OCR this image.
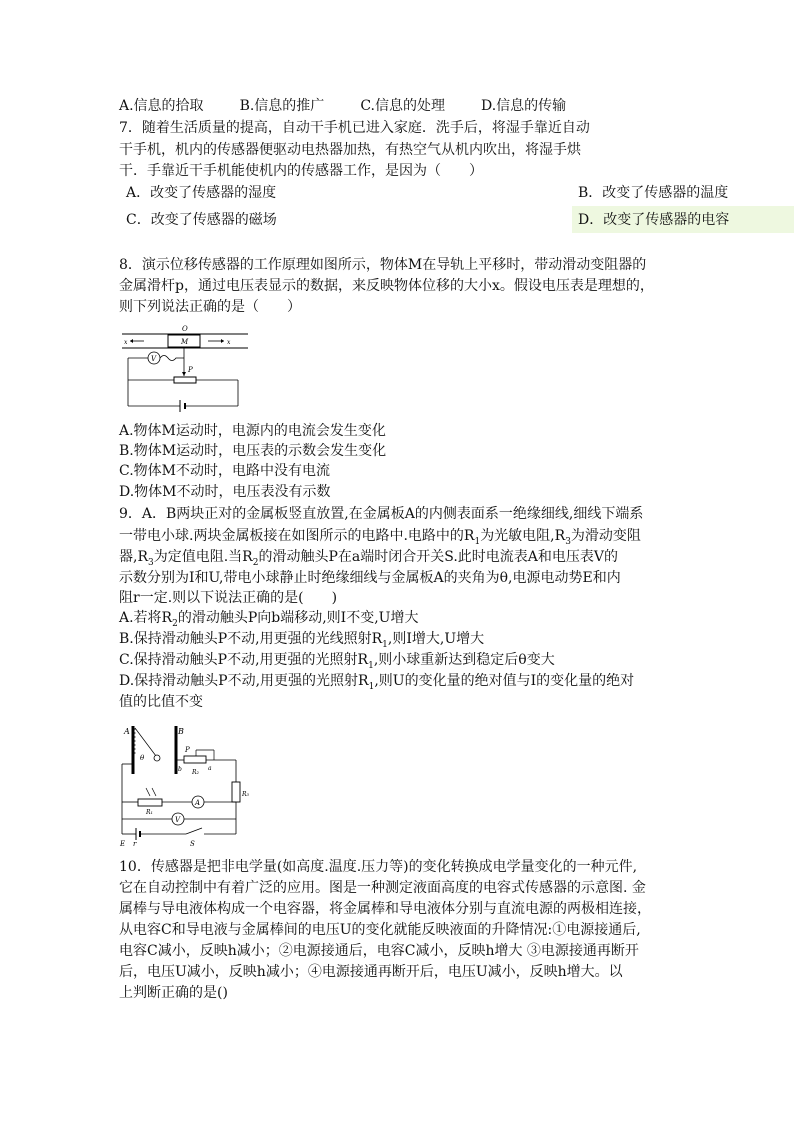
A.信息的拾取	B.信息的推广	C.信息的处理	D.信息的传输
7．随着生活质量的提高，自动干手机已进入家庭．洗手后，将湿手靠近自动
干手机，机内的传感器便驱动电热器加热，有热空气从机内吹出，将湿手烘
干．手靠近干手机能使机内的传感器工作，是因为（　　）
A．改变了传感器的湿度	B．改变了传感器的温度
C．改变了传感器的磁场	D．改变了传感器的电容
8．演示位移传感器的工作原理如图所示，物体M在导轨上平移时，带动滑动变阻器的
金属滑杆p，通过电压表显示的数据，来反映物体位移的大小x。假设电压表是理想的，
则下列说法正确的是（　　）
O
M
x	x
P
V
A.物体M运动时，电源内的电流会发生变化
B.物体M运动时，电压表的示数会发生变化
C.物体M不动时，电路中没有电流
D.物体M不动时，电压表没有示数
9．A．B两块正对的金属板竖直放置,在金属板A的内侧表面系一绝缘细线,细线下端系
一带电小球.两块金属板接在如图所示的电路中.电路中的$R_1$为光敏电阻$,R_3$为滑动变阻
器$,R_3$为定值电阻.当$R_2$的滑动触头P在a端时闭合开关S.此时电流表A和电压表V的
示数分别为I和U,带电小球静止时绝缘细线与金属板A的夹角为θ,电源电动势E和内
阻r一定.则以下说法正确的是(　　)
A.若将$R_2$的滑动触头P向b端移动,则I不变,U增大
B.保持滑动触头P不动,用更强的光线照射$R_1$,则I增大,U增大
C.保持滑动触头P不动,用更强的光照射$R_1$,则小球重新达到稳定后θ变大
D.保持滑动触头P不动,用更强的光照射$R_1$,则U的变化量的绝对值与I的变化量的绝对
值的比值不变
A	B
θ
P
b	a
R₂
R₃
R₁
A
V
E r	S
10．传感器是把非电学量(如高度.温度.压力等)的变化转换成电学量变化的一种元件,
它在自动控制中有着广泛的应用。图是一种测定液面高度的电容式传感器的示意图. 金
属棒与导电液体构成一个电容器，将金属棒和导电液体分别与直流电源的两极相连接，
从电容C和导电液与金属棒间的电压U的变化就能反映液面的升降情况:①电源接通后,
电容C减小，反映h减小；②电源接通后，电容C减小，反映h增大 ③电源接通再断开
后，电压U减小，反映h减小；④电源接通再断开后，电压U减小，反映h增大。以
上判断正确的是()
